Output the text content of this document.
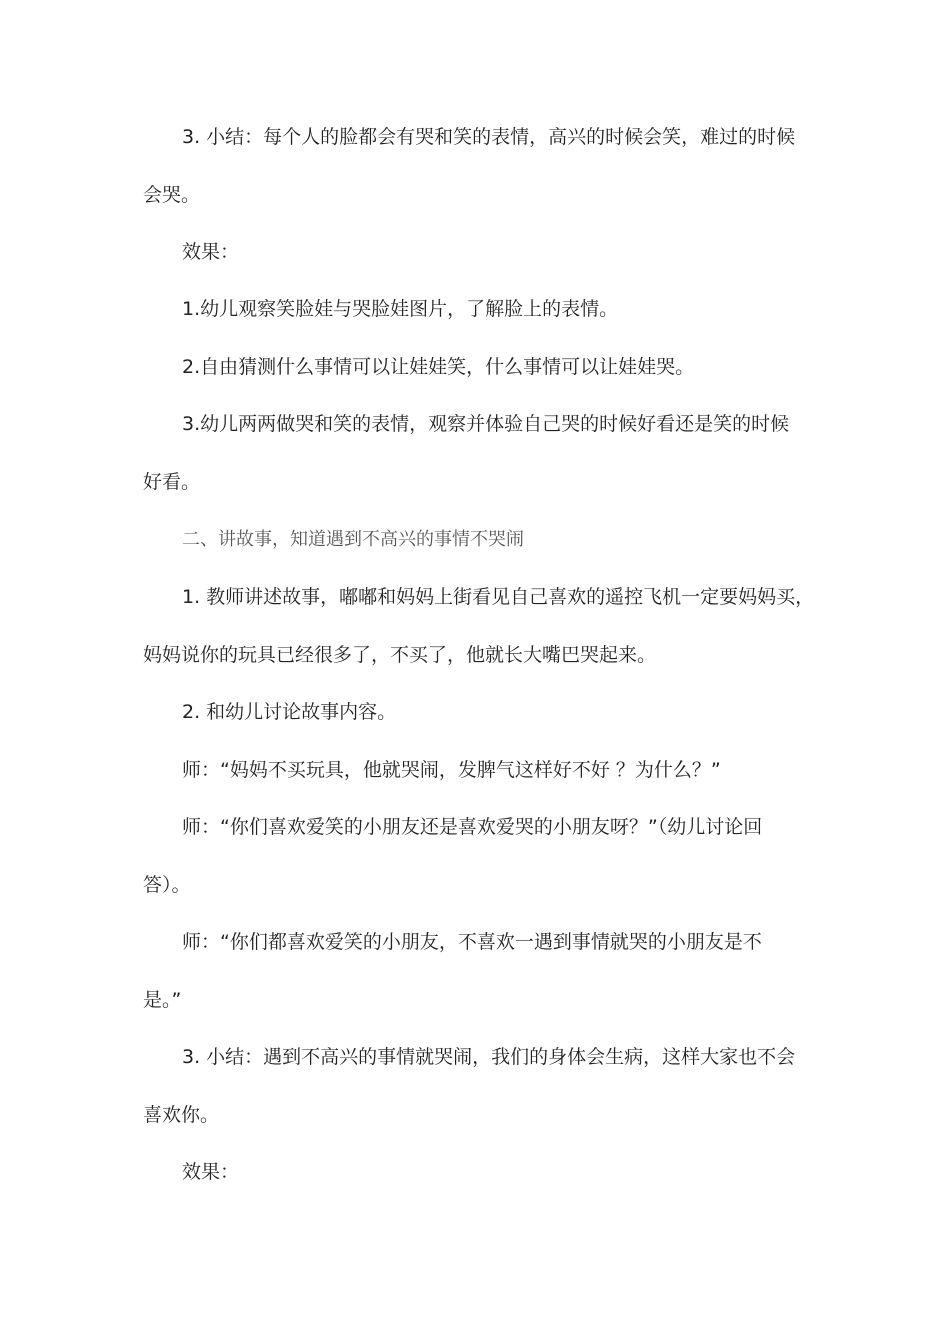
3. 小结：每个人的脸都会有哭和笑的表情，高兴的时候会笑，难过的时候
会哭。
效果：
1.幼儿观察笑脸娃与哭脸娃图片，了解脸上的表情。
2.自由猜测什么事情可以让娃娃笑，什么事情可以让娃娃哭。
3.幼儿两两做哭和笑的表情，观察并体验自己哭的时候好看还是笑的时候
好看。
二、讲故事，知道遇到不高兴的事情不哭闹
1. 教师讲述故事，嘟嘟和妈妈上街看见自己喜欢的遥控飞机一定要妈妈买，
妈妈说你的玩具已经很多了，不买了，他就长大嘴巴哭起来。
2. 和幼儿讨论故事内容。
师：“妈妈不买玩具，他就哭闹，发脾气这样好不好 ？为什么？”
师：“你们喜欢爱笑的小朋友还是喜欢爱哭的小朋友呀？”（幼儿讨论回
答）。
师：“你们都喜欢爱笑的小朋友，不喜欢一遇到事情就哭的小朋友是不
是。”
3. 小结：遇到不高兴的事情就哭闹，我们的身体会生病，这样大家也不会
喜欢你。
效果：
